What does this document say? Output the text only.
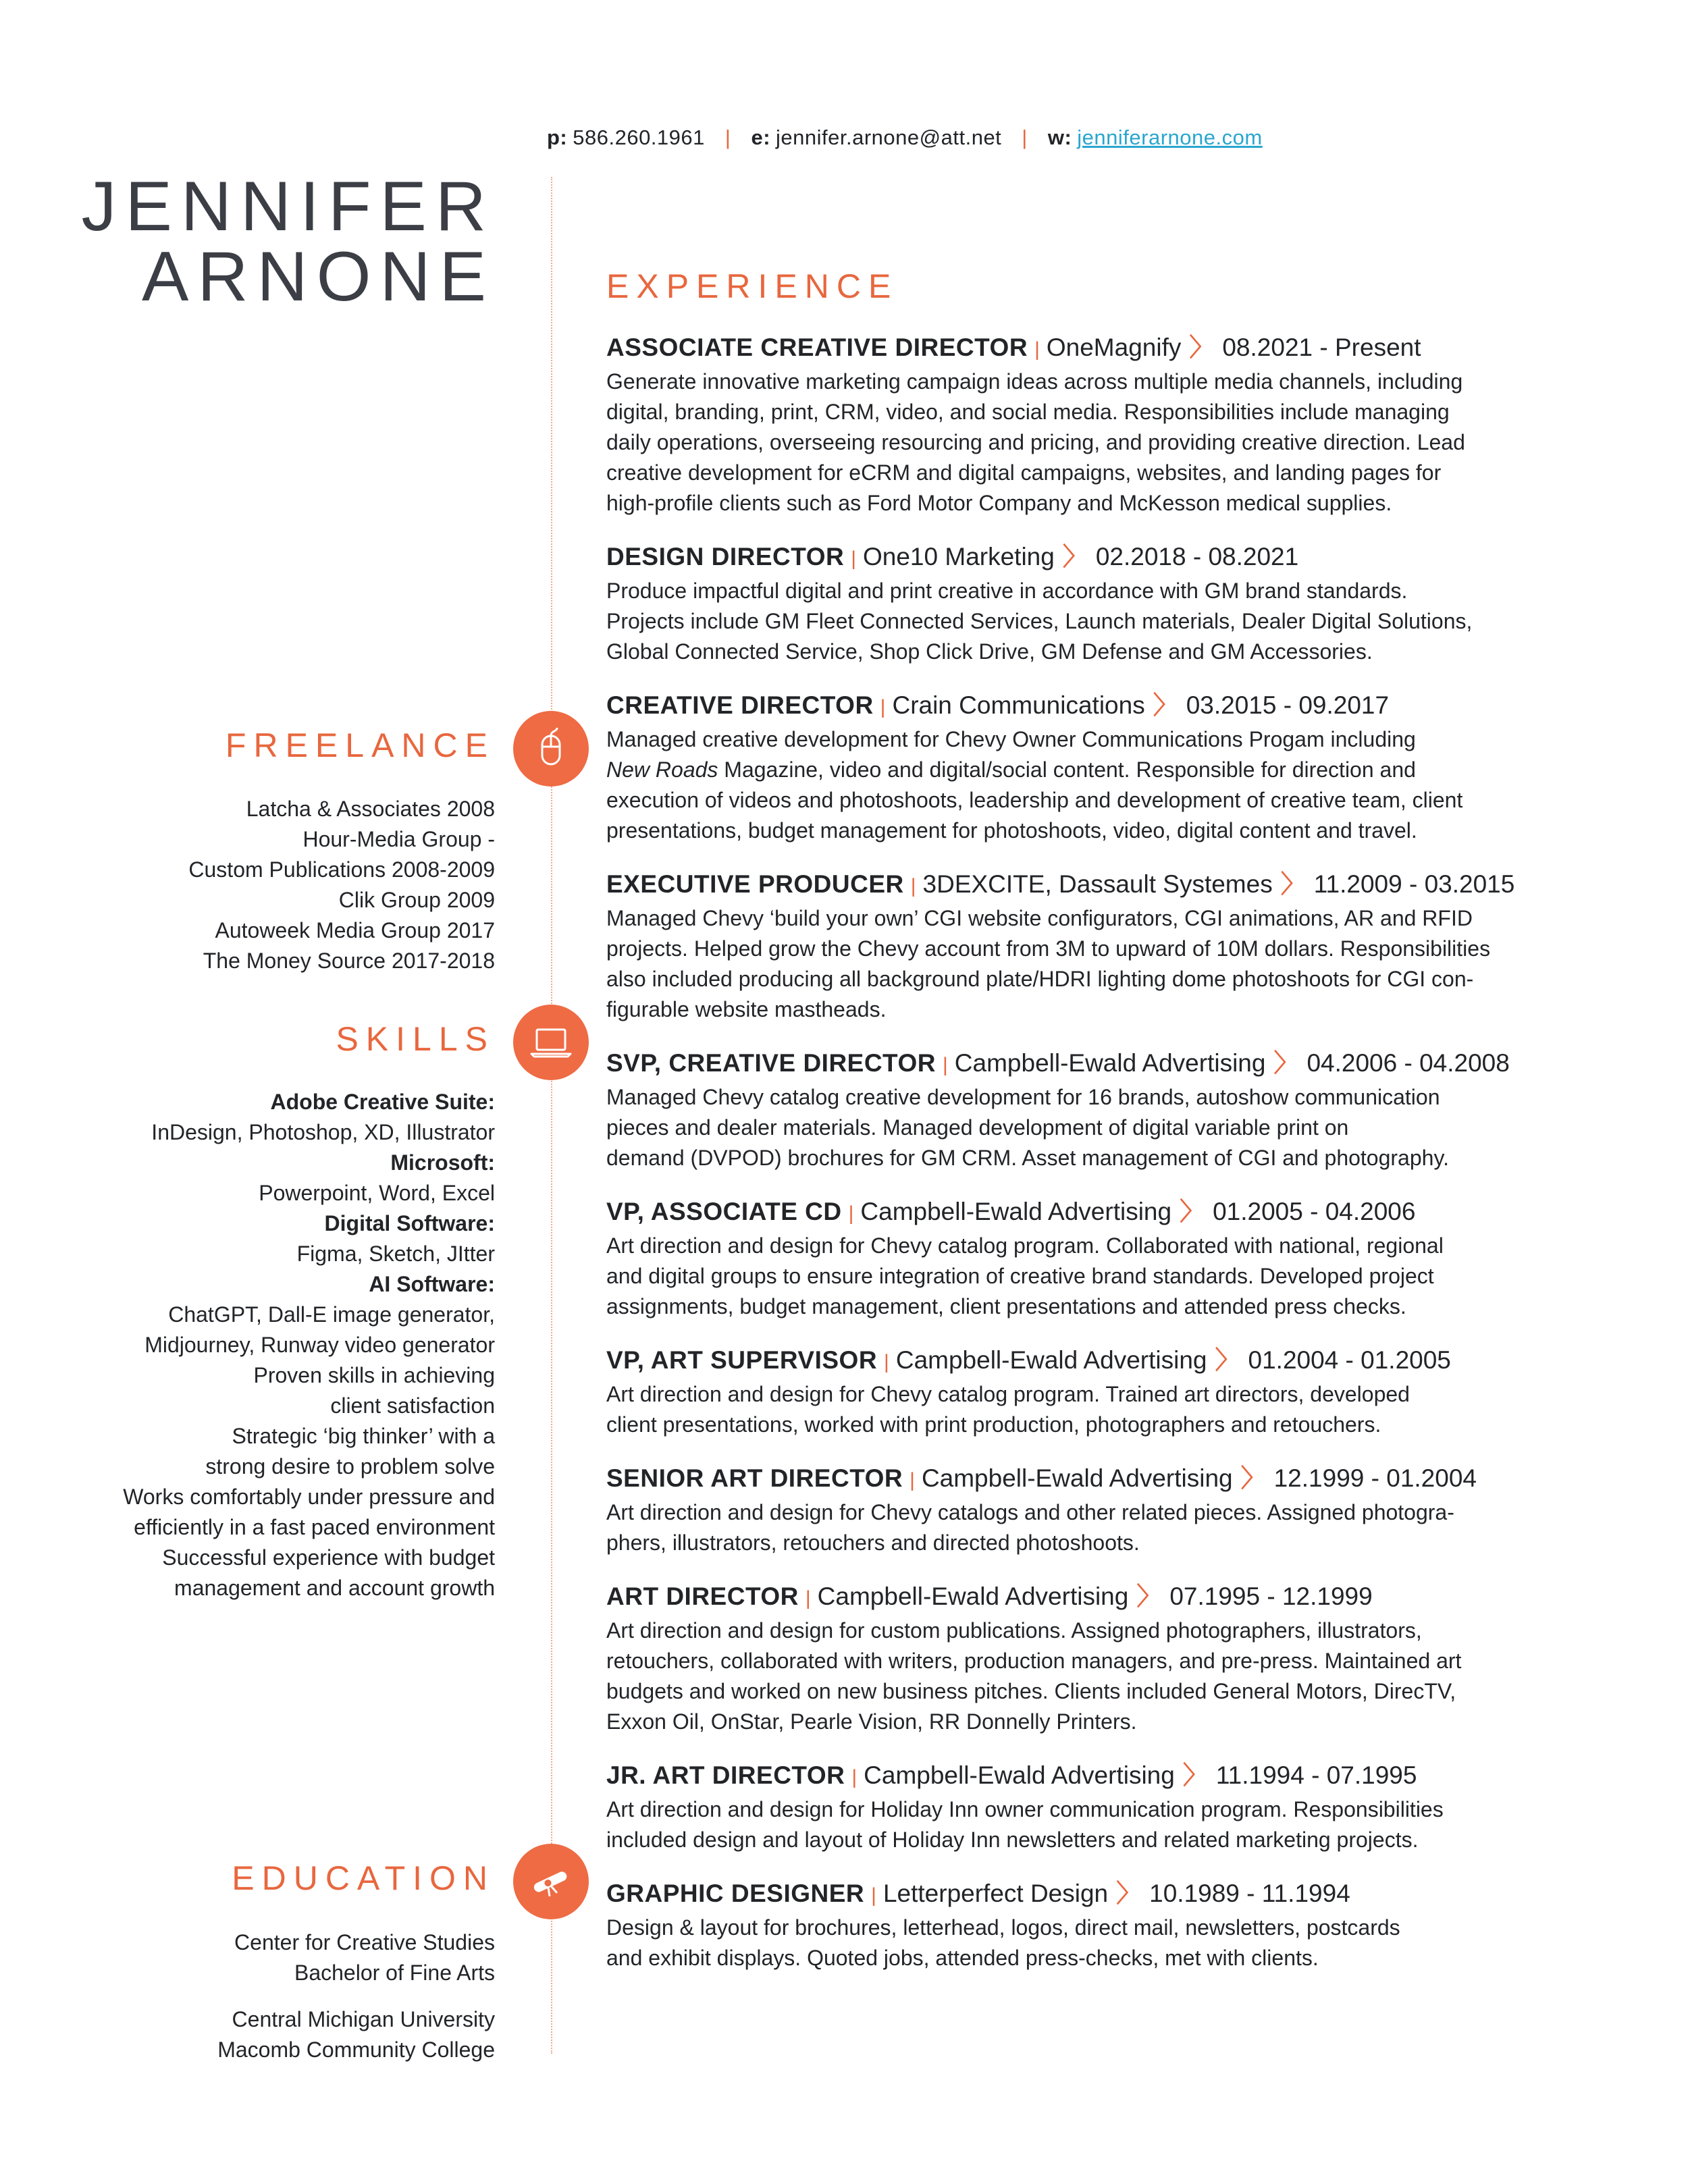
p: 586.260.1961 | e: jennifer.arnone@att.net | w: jenniferarnone.com
JENNIFER
ARNONE	EXPERIENCE
FREELANCE
SKILLS
EDUCATION
Latcha & Associates 2008
Hour-Media Group -
Custom Publications 2008-2009
Clik Group 2009
Autoweek Media Group 2017
The Money Source 2017-2018
Adobe Creative Suite:
InDesign, Photoshop, XD, Illustrator
Microsoft:
Powerpoint, Word, Excel
Digital Software:
Figma, Sketch, JItter
AI Software:
ChatGPT, Dall-E image generator,
Midjourney, Runway video generator
Proven skills in achieving
client satisfaction
Strategic ‘big thinker’ with a
strong desire to problem solve
Works comfortably under pressure and
efficiently in a fast paced environment
Successful experience with budget
management and account growth
Center for Creative Studies
Bachelor of Fine Arts
Central Michigan University
Macomb Community College
ASSOCIATE CREATIVE DIRECTOR | OneMagnify 〉 08.2021 - Present
Generate innovative marketing campaign ideas across multiple media channels, including
digital, branding, print, CRM, video, and social media. Responsibilities include managing
daily operations, overseeing resourcing and pricing, and providing creative direction. Lead
creative development for eCRM and digital campaigns, websites, and landing pages for
high-profile clients such as Ford Motor Company and McKesson medical supplies.
DESIGN DIRECTOR | One10 Marketing 〉 02.2018 - 08.2021
Produce impactful digital and print creative in accordance with GM brand standards.
Projects include GM Fleet Connected Services, Launch materials, Dealer Digital Solutions,
Global Connected Service, Shop Click Drive, GM Defense and GM Accessories.
CREATIVE DIRECTOR | Crain Communications 〉 03.2015 - 09.2017
Managed creative development for Chevy Owner Communications Progam including
New Roads Magazine, video and digital/social content. Responsible for direction and
execution of videos and photoshoots, leadership and development of creative team, client
presentations, budget management for photoshoots, video, digital content and travel.
EXECUTIVE PRODUCER | 3DEXCITE, Dassault Systemes 〉 11.2009 - 03.2015
Managed Chevy ‘build your own’ CGI website configurators, CGI animations, AR and RFID
projects. Helped grow the Chevy account from 3M to upward of 10M dollars. Responsibilities
also included producing all background plate/HDRI lighting dome photoshoots for CGI con-
figurable website mastheads.
SVP, CREATIVE DIRECTOR | Campbell-Ewald Advertising 〉 04.2006 - 04.2008
Managed Chevy catalog creative development for 16 brands, autoshow communication
pieces and dealer materials. Managed development of digital variable print on
demand (DVPOD) brochures for GM CRM. Asset management of CGI and photography.
VP, ASSOCIATE CD | Campbell-Ewald Advertising 〉 01.2005 - 04.2006
Art direction and design for Chevy catalog program. Collaborated with national, regional
and digital groups to ensure integration of creative brand standards. Developed project
assignments, budget management, client presentations and attended press checks.
VP, ART SUPERVISOR | Campbell-Ewald Advertising 〉 01.2004 - 01.2005
Art direction and design for Chevy catalog program. Trained art directors, developed
client presentations, worked with print production, photographers and retouchers.
SENIOR ART DIRECTOR | Campbell-Ewald Advertising 〉 12.1999 - 01.2004
Art direction and design for Chevy catalogs and other related pieces. Assigned photogra-
phers, illustrators, retouchers and directed photoshoots.
ART DIRECTOR | Campbell-Ewald Advertising 〉 07.1995 - 12.1999
Art direction and design for custom publications. Assigned photographers, illustrators,
retouchers, collaborated with writers, production managers, and pre-press. Maintained art
budgets and worked on new business pitches. Clients included General Motors, DirecTV,
Exxon Oil, OnStar, Pearle Vision, RR Donnelly Printers.
JR. ART DIRECTOR | Campbell-Ewald Advertising 〉 11.1994 - 07.1995
Art direction and design for Holiday Inn owner communication program. Responsibilities
included design and layout of Holiday Inn newsletters and related marketing projects.
GRAPHIC DESIGNER | Letterperfect Design 〉 10.1989 - 11.1994
Design & layout for brochures, letterhead, logos, direct mail, newsletters, postcards
and exhibit displays. Quoted jobs, attended press-checks, met with clients.
